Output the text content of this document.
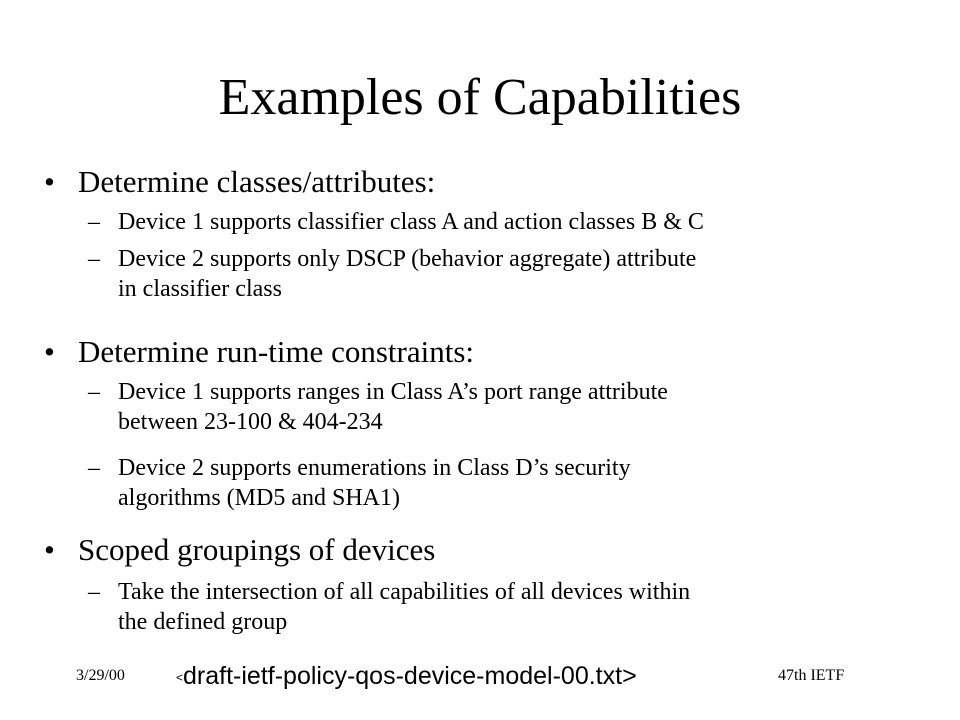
Examples of Capabilities
• Determine classes/attributes:
– Device 1 supports classifier class A and action classes B & C
– Device 2 supports only DSCP (behavior aggregate) attribute
in classifier class
• Determine run-time constraints:
– Device 1 supports ranges in Class A’s port range attribute
between 23-100 & 404-234
– Device 2 supports enumerations in Class D’s security
algorithms (MD5 and SHA1)
• Scoped groupings of devices
– Take the intersection of all capabilities of all devices within
the defined group
3/29/00	<draft-ietf-policy-qos-device-model-00.txt>	47th IETF
